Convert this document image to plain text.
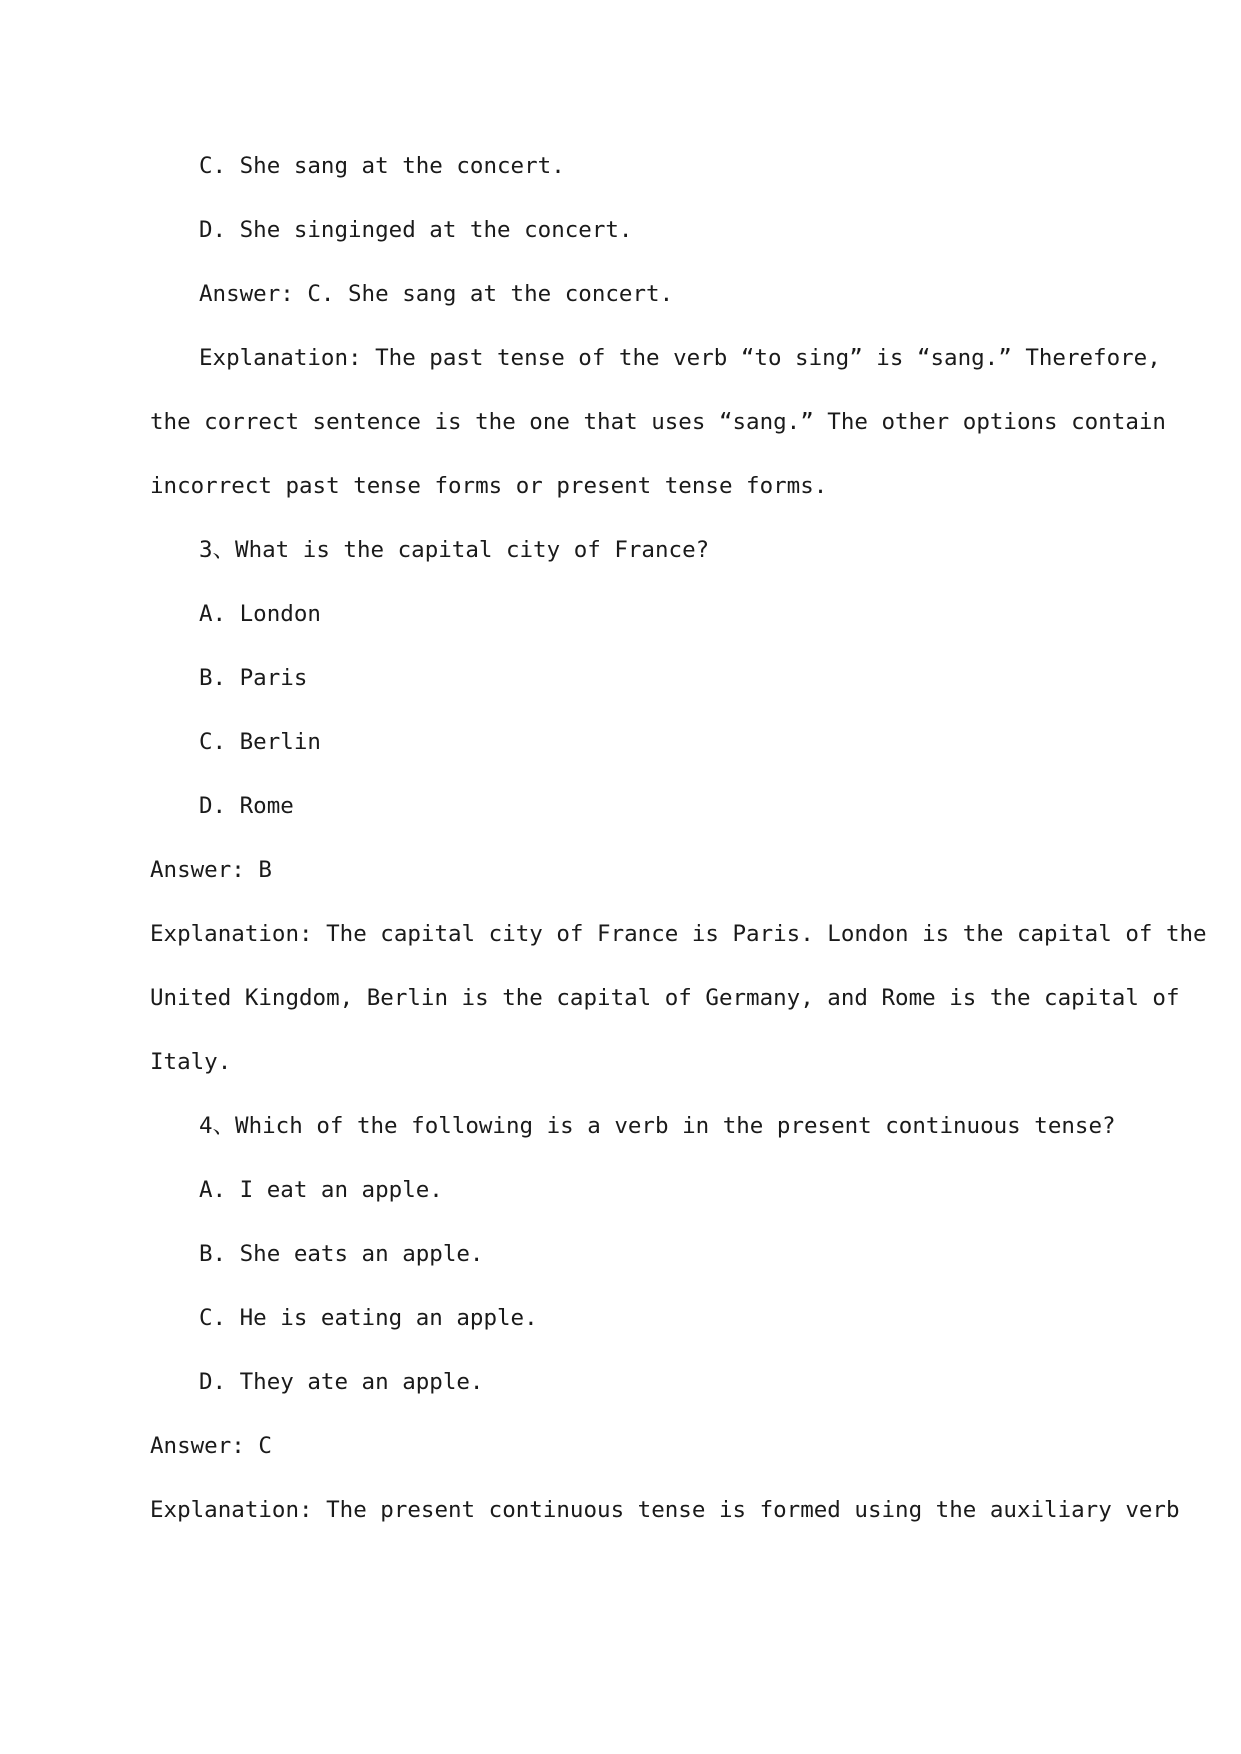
C. She sang at the concert.
D. She singinged at the concert.
Answer: C. She sang at the concert.
Explanation: The past tense of the verb “to sing” is “sang.” Therefore,
the correct sentence is the one that uses “sang.” The other options contain
incorrect past tense forms or present tense forms.
3、What is the capital city of France?
A. London
B. Paris
C. Berlin
D. Rome
Answer: B
Explanation: The capital city of France is Paris. London is the capital of the
United Kingdom, Berlin is the capital of Germany, and Rome is the capital of
Italy.
4、Which of the following is a verb in the present continuous tense?
A. I eat an apple.
B. She eats an apple.
C. He is eating an apple.
D. They ate an apple.
Answer: C
Explanation: The present continuous tense is formed using the auxiliary verb
